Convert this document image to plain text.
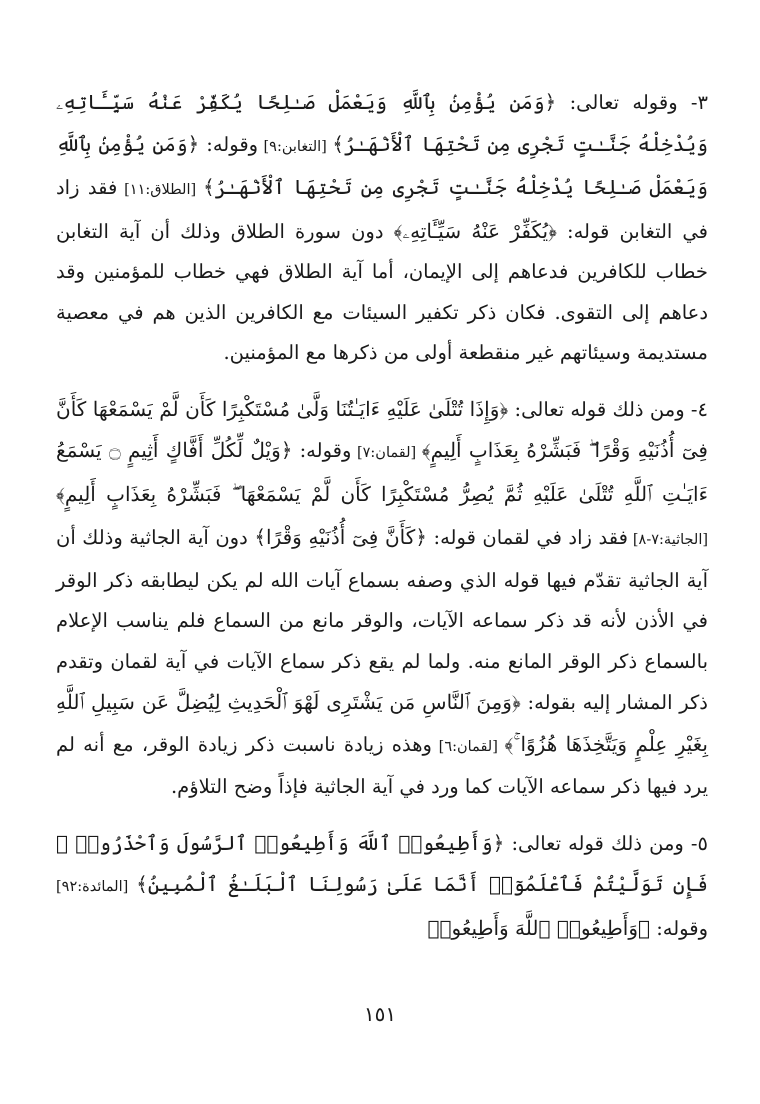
٣- وقوله تعالى: ﴿وَمَن يُؤْمِنۢ بِٱللَّهِ وَيَعْمَلْ صَـٰلِحًا يُكَفِّرْ عَنْهُ سَيِّـَٔاتِهِۦ وَيُدْخِلْهُ جَنَّـٰتٍ تَجْرِى مِن تَحْتِهَا ٱلْأَنْهَـٰرُ﴾ [التغابن:٩] وقوله: ﴿وَمَن يُؤْمِنۢ بِٱللَّهِ وَيَعْمَلْ صَـٰلِحًا يُدْخِلْهُ جَنَّـٰتٍ تَجْرِى مِن تَحْتِهَا ٱلْأَنْهَـٰرُ﴾ [الطلاق:١١] فقد زاد في التغابن قوله: ﴿يُكَفِّرْ عَنْهُ سَيِّـَٔاتِهِۦ﴾ دون سورة الطلاق وذلك أن آية التغابن خطاب للكافرين فدعاهم إلى الإيمان، أما آية الطلاق فهي خطاب للمؤمنين وقد دعاهم إلى التقوى. فكان ذكر تكفير السيئات مع الكافرين الذين هم في معصية مستديمة وسيئاتهم غير منقطعة أولى من ذكرها مع المؤمنين.

٤- ومن ذلك قوله تعالى: ﴿وَإِذَا تُتْلَىٰ عَلَيْهِ ءَايَـٰتُنَا وَلَّىٰ مُسْتَكْبِرًا كَأَن لَّمْ يَسْمَعْهَا كَأَنَّ فِىٓ أُذُنَيْهِ وَقْرًا ۖ فَبَشِّرْهُ بِعَذَابٍ أَلِيمٍ﴾ [لقمان:٧] وقوله: ﴿وَيْلٌ لِّكُلِّ أَفَّاكٍ أَثِيمٍ ۝ يَسْمَعُ ءَايَـٰتِ ٱللَّهِ تُتْلَىٰ عَلَيْهِ ثُمَّ يُصِرُّ مُسْتَكْبِرًا كَأَن لَّمْ يَسْمَعْهَا ۖ فَبَشِّرْهُ بِعَذَابٍ أَلِيمٍ﴾ [الجاثية:٧-٨] فقد زاد في لقمان قوله: ﴿كَأَنَّ فِىٓ أُذُنَيْهِ وَقْرًا﴾ دون آية الجاثية وذلك أن آية الجاثية تقدّم فيها قوله الذي وصفه بسماع آيات الله لم يكن ليطابقه ذكر الوقر في الأذن لأنه قد ذكر سماعه الآيات، والوقر مانع من السماع فلم يناسب الإعلام بالسماع ذكر الوقر المانع منه. ولما لم يقع ذكر سماع الآيات في آية لقمان وتقدم ذكر المشار إليه بقوله: ﴿وَمِنَ ٱلنَّاسِ مَن يَشْتَرِى لَهْوَ ٱلْحَدِيثِ لِيُضِلَّ عَن سَبِيلِ ٱللَّهِ بِغَيْرِ عِلْمٍ وَيَتَّخِذَهَا هُزُوًا ۚ﴾ [لقمان:٦] وهذه زيادة ناسبت ذكر زيادة الوقر، مع أنه لم يرد فيها ذكر سماعه الآيات كما ورد في آية الجاثية فإذاً وضح التلاؤم.

٥- ومن ذلك قوله تعالى: ﴿وَأَطِيعُوا۟ ٱللَّهَ وَأَطِيعُوا۟ ٱلرَّسُولَ وَٱحْذَرُوا۟ ۚ فَإِن تَوَلَّيْتُمْ فَٱعْلَمُوٓا۟ أَنَّمَا عَلَىٰ رَسُولِنَا ٱلْبَلَـٰغُ ٱلْمُبِينُ﴾ [المائدة:٩٢] وقوله: ﴿وَأَطِيعُوا۟ ٱللَّهَ وَأَطِيعُوا۟

١٥١
